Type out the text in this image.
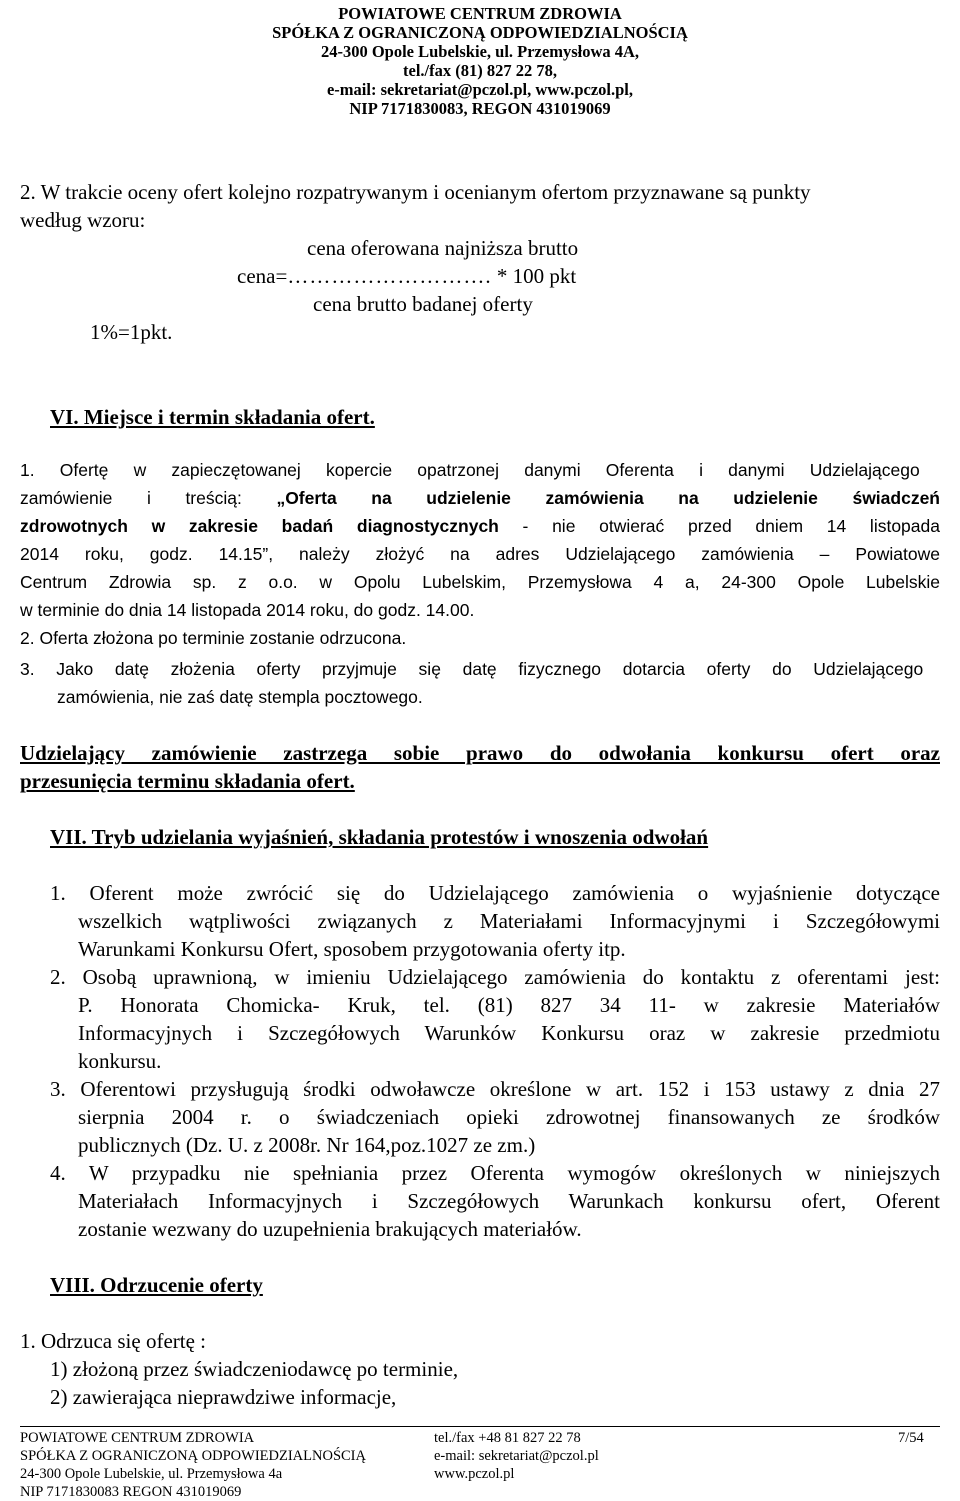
POWIATOWE CENTRUM ZDROWIA
SPÓŁKA Z OGRANICZONĄ ODPOWIEDZIALNOŚCIĄ
24-300 Opole Lubelskie, ul. Przemysłowa 4A,
tel./fax (81) 827 22 78,
e-mail: sekretariat@pczol.pl, www.pczol.pl,
NIP 7171830083, REGON 431019069
2. W trakcie oceny ofert kolejno rozpatrywanym i ocenianym ofertom przyznawane są punkty
według wzoru:
cena oferowana najniższa brutto
cena=………………………. * 100 pkt
cena brutto badanej oferty
1%=1pkt.
VI. Miejsce i termin składania ofert.
1. Ofertę w zapieczętowanej kopercie opatrzonej danymi Oferenta i danymi Udzielającego
zamówienie i treścią: „Oferta na udzielenie zamówienia na udzielenie świadczeń
zdrowotnych w zakresie badań diagnostycznych - nie otwierać przed dniem 14 listopada
2014 roku, godz. 14.15”, należy złożyć na adres Udzielającego zamówienia – Powiatowe
Centrum Zdrowia sp. z o.o. w Opolu Lubelskim, Przemysłowa 4 a, 24-300 Opole Lubelskie
w terminie do dnia 14 listopada 2014 roku, do godz. 14.00.
2. Oferta złożona po terminie zostanie odrzucona.
3. Jako datę złożenia oferty przyjmuje się datę fizycznego dotarcia oferty do Udzielającego
zamówienia, nie zaś datę stempla pocztowego.
Udzielający zamówienie zastrzega sobie prawo do odwołania konkursu ofert oraz
przesunięcia terminu składania ofert.
VII. Tryb udzielania wyjaśnień, składania protestów i wnoszenia odwołań
1. Oferent może zwrócić się do Udzielającego zamówienia o wyjaśnienie dotyczące
wszelkich wątpliwości związanych z Materiałami Informacyjnymi i Szczegółowymi
Warunkami Konkursu Ofert, sposobem przygotowania oferty itp.
2. Osobą uprawnioną, w imieniu Udzielającego zamówienia do kontaktu z oferentami jest:
P. Honorata Chomicka- Kruk, tel. (81) 827 34 11- w zakresie Materiałów
Informacyjnych i Szczegółowych Warunków Konkursu oraz w zakresie przedmiotu
konkursu.
3. Oferentowi przysługują środki odwoławcze określone w art. 152 i 153 ustawy z dnia 27
sierpnia 2004 r. o świadczeniach opieki zdrowotnej finansowanych ze środków
publicznych (Dz. U. z 2008r. Nr 164,poz.1027 ze zm.)
4. W przypadku nie spełniania przez Oferenta wymogów określonych w niniejszych
Materiałach Informacyjnych i Szczegółowych Warunkach konkursu ofert, Oferent
zostanie wezwany do uzupełnienia brakujących materiałów.
VIII. Odrzucenie oferty
1. Odrzuca się ofertę :
1) złożoną przez świadczeniodawcę po terminie,
2) zawierająca nieprawdziwe informacje,
POWIATOWE CENTRUM ZDROWIA
SPÓŁKA Z OGRANICZONĄ ODPOWIEDZIALNOŚCIĄ
24-300 Opole Lubelskie, ul. Przemysłowa 4a
NIP 7171830083 REGON 431019069
tel./fax +48 81 827 22 78
e-mail: sekretariat@pczol.pl
www.pczol.pl
7/54
